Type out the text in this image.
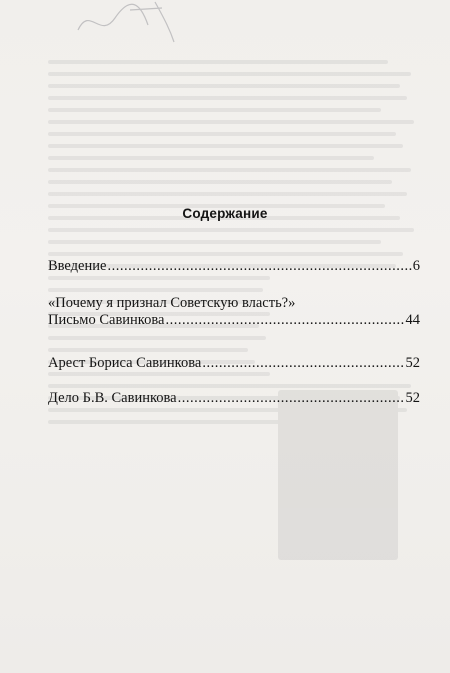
Содержание
Введение .....	6
«Почему я признал Советскую власть?»
Письмо Савинкова .....	44
Арест Бориса Савинкова .....	52
Дело Б.В. Савинкова .....	52
